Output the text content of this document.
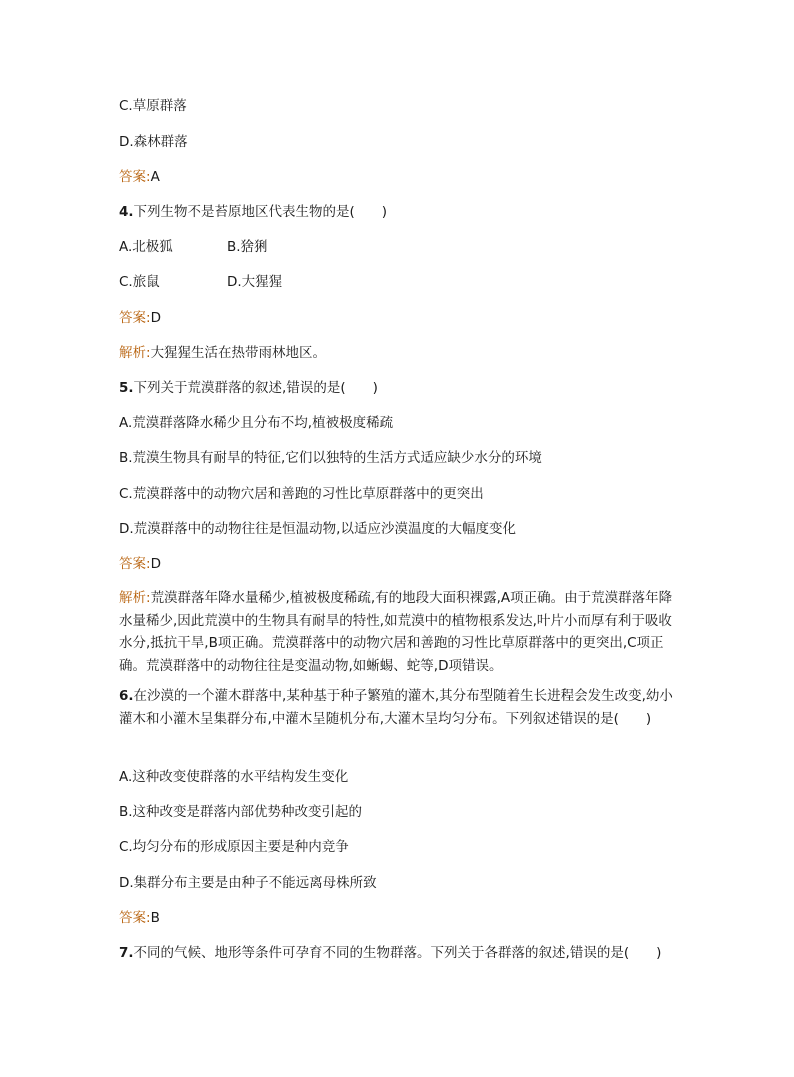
C.草原群落
D.森林群落
答案:A
4.下列生物不是苔原地区代表生物的是(　　)
A.北极狐	B.猞猁
C.旅鼠	D.大猩猩
答案:D
解析:大猩猩生活在热带雨林地区。
5.下列关于荒漠群落的叙述,错误的是(　　)
A.荒漠群落降水稀少且分布不均,植被极度稀疏
B.荒漠生物具有耐旱的特征,它们以独特的生活方式适应缺少水分的环境
C.荒漠群落中的动物穴居和善跑的习性比草原群落中的更突出
D.荒漠群落中的动物往往是恒温动物,以适应沙漠温度的大幅度变化
答案:D
解析:荒漠群落年降水量稀少,植被极度稀疏,有的地段大面积裸露,A项正确。由于荒漠群落年降水量稀少,因此荒漠中的生物具有耐旱的特性,如荒漠中的植物根系发达,叶片小而厚有利于吸收水分,抵抗干旱,B项正确。荒漠群落中的动物穴居和善跑的习性比草原群落中的更突出,C项正确。荒漠群落中的动物往往是变温动物,如蜥蜴、蛇等,D项错误。
6.在沙漠的一个灌木群落中,某种基于种子繁殖的灌木,其分布型随着生长进程会发生改变,幼小灌木和小灌木呈集群分布,中灌木呈随机分布,大灌木呈均匀分布。下列叙述错误的是(　　)
A.这种改变使群落的水平结构发生变化
B.这种改变是群落内部优势种改变引起的
C.均匀分布的形成原因主要是种内竞争
D.集群分布主要是由种子不能远离母株所致
答案:B
7.不同的气候、地形等条件可孕育不同的生物群落。下列关于各群落的叙述,错误的是(　　)
